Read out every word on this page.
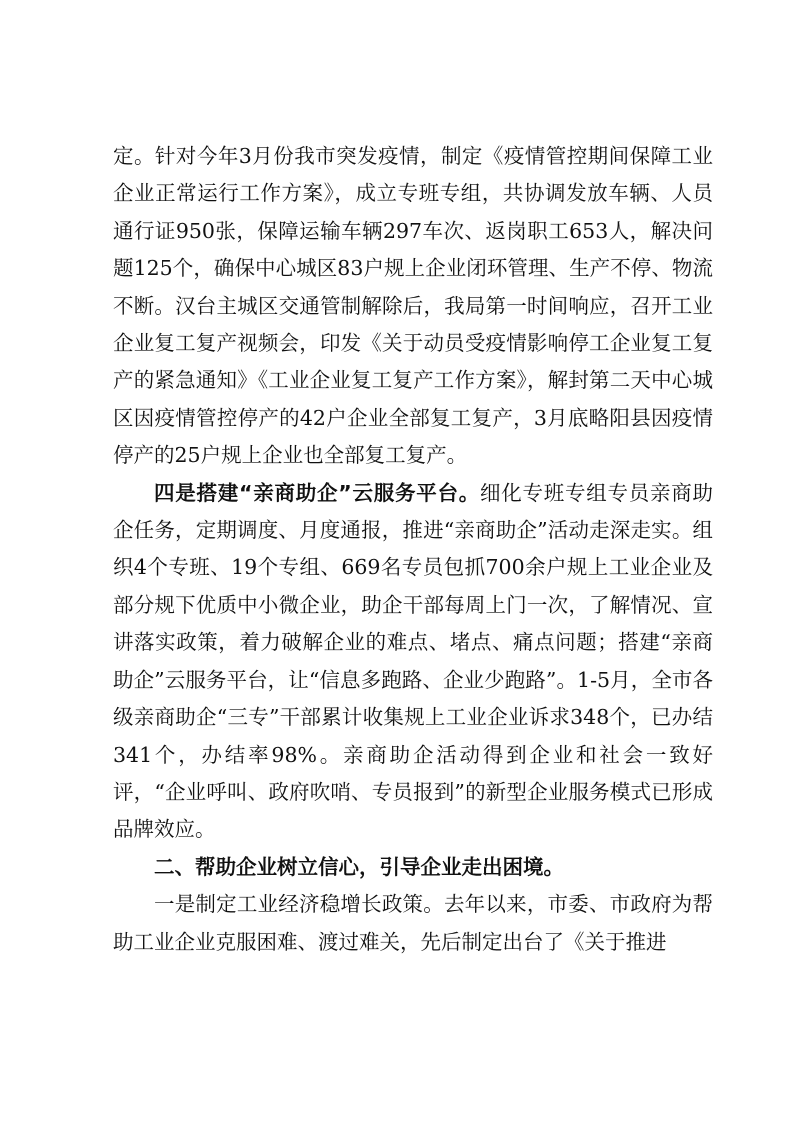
定。针对今年3月份我市突发疫情，制定《疫情管控期间保障工业企业正常运行工作方案》，成立专班专组，共协调发放车辆、人员通行证950张，保障运输车辆297车次、返岗职工653人，解决问题125个，确保中心城区83户规上企业闭环管理、生产不停、物流不断。汉台主城区交通管制解除后，我局第一时间响应，召开工业企业复工复产视频会，印发《关于动员受疫情影响停工企业复工复产的紧急通知》《工业企业复工复产工作方案》，解封第二天中心城区因疫情管控停产的42户企业全部复工复产，3月底略阳县因疫情停产的25户规上企业也全部复工复产。

四是搭建“亲商助企”云服务平台。细化专班专组专员亲商助企任务，定期调度、月度通报，推进“亲商助企”活动走深走实。组织4个专班、19个专组、669名专员包抓700余户规上工业企业及部分规下优质中小微企业，助企干部每周上门一次，了解情况、宣讲落实政策，着力破解企业的难点、堵点、痛点问题；搭建“亲商助企”云服务平台，让“信息多跑路、企业少跑路”。1-5月，全市各级亲商助企“三专”干部累计收集规上工业企业诉求348个，已办结341个，办结率98%。亲商助企活动得到企业和社会一致好评，“企业呼叫、政府吹哨、专员报到”的新型企业服务模式已形成品牌效应。

二、帮助企业树立信心，引导企业走出困境。

一是制定工业经济稳增长政策。去年以来，市委、市政府为帮助工业企业克服困难、渡过难关，先后制定出台了《关于推进
